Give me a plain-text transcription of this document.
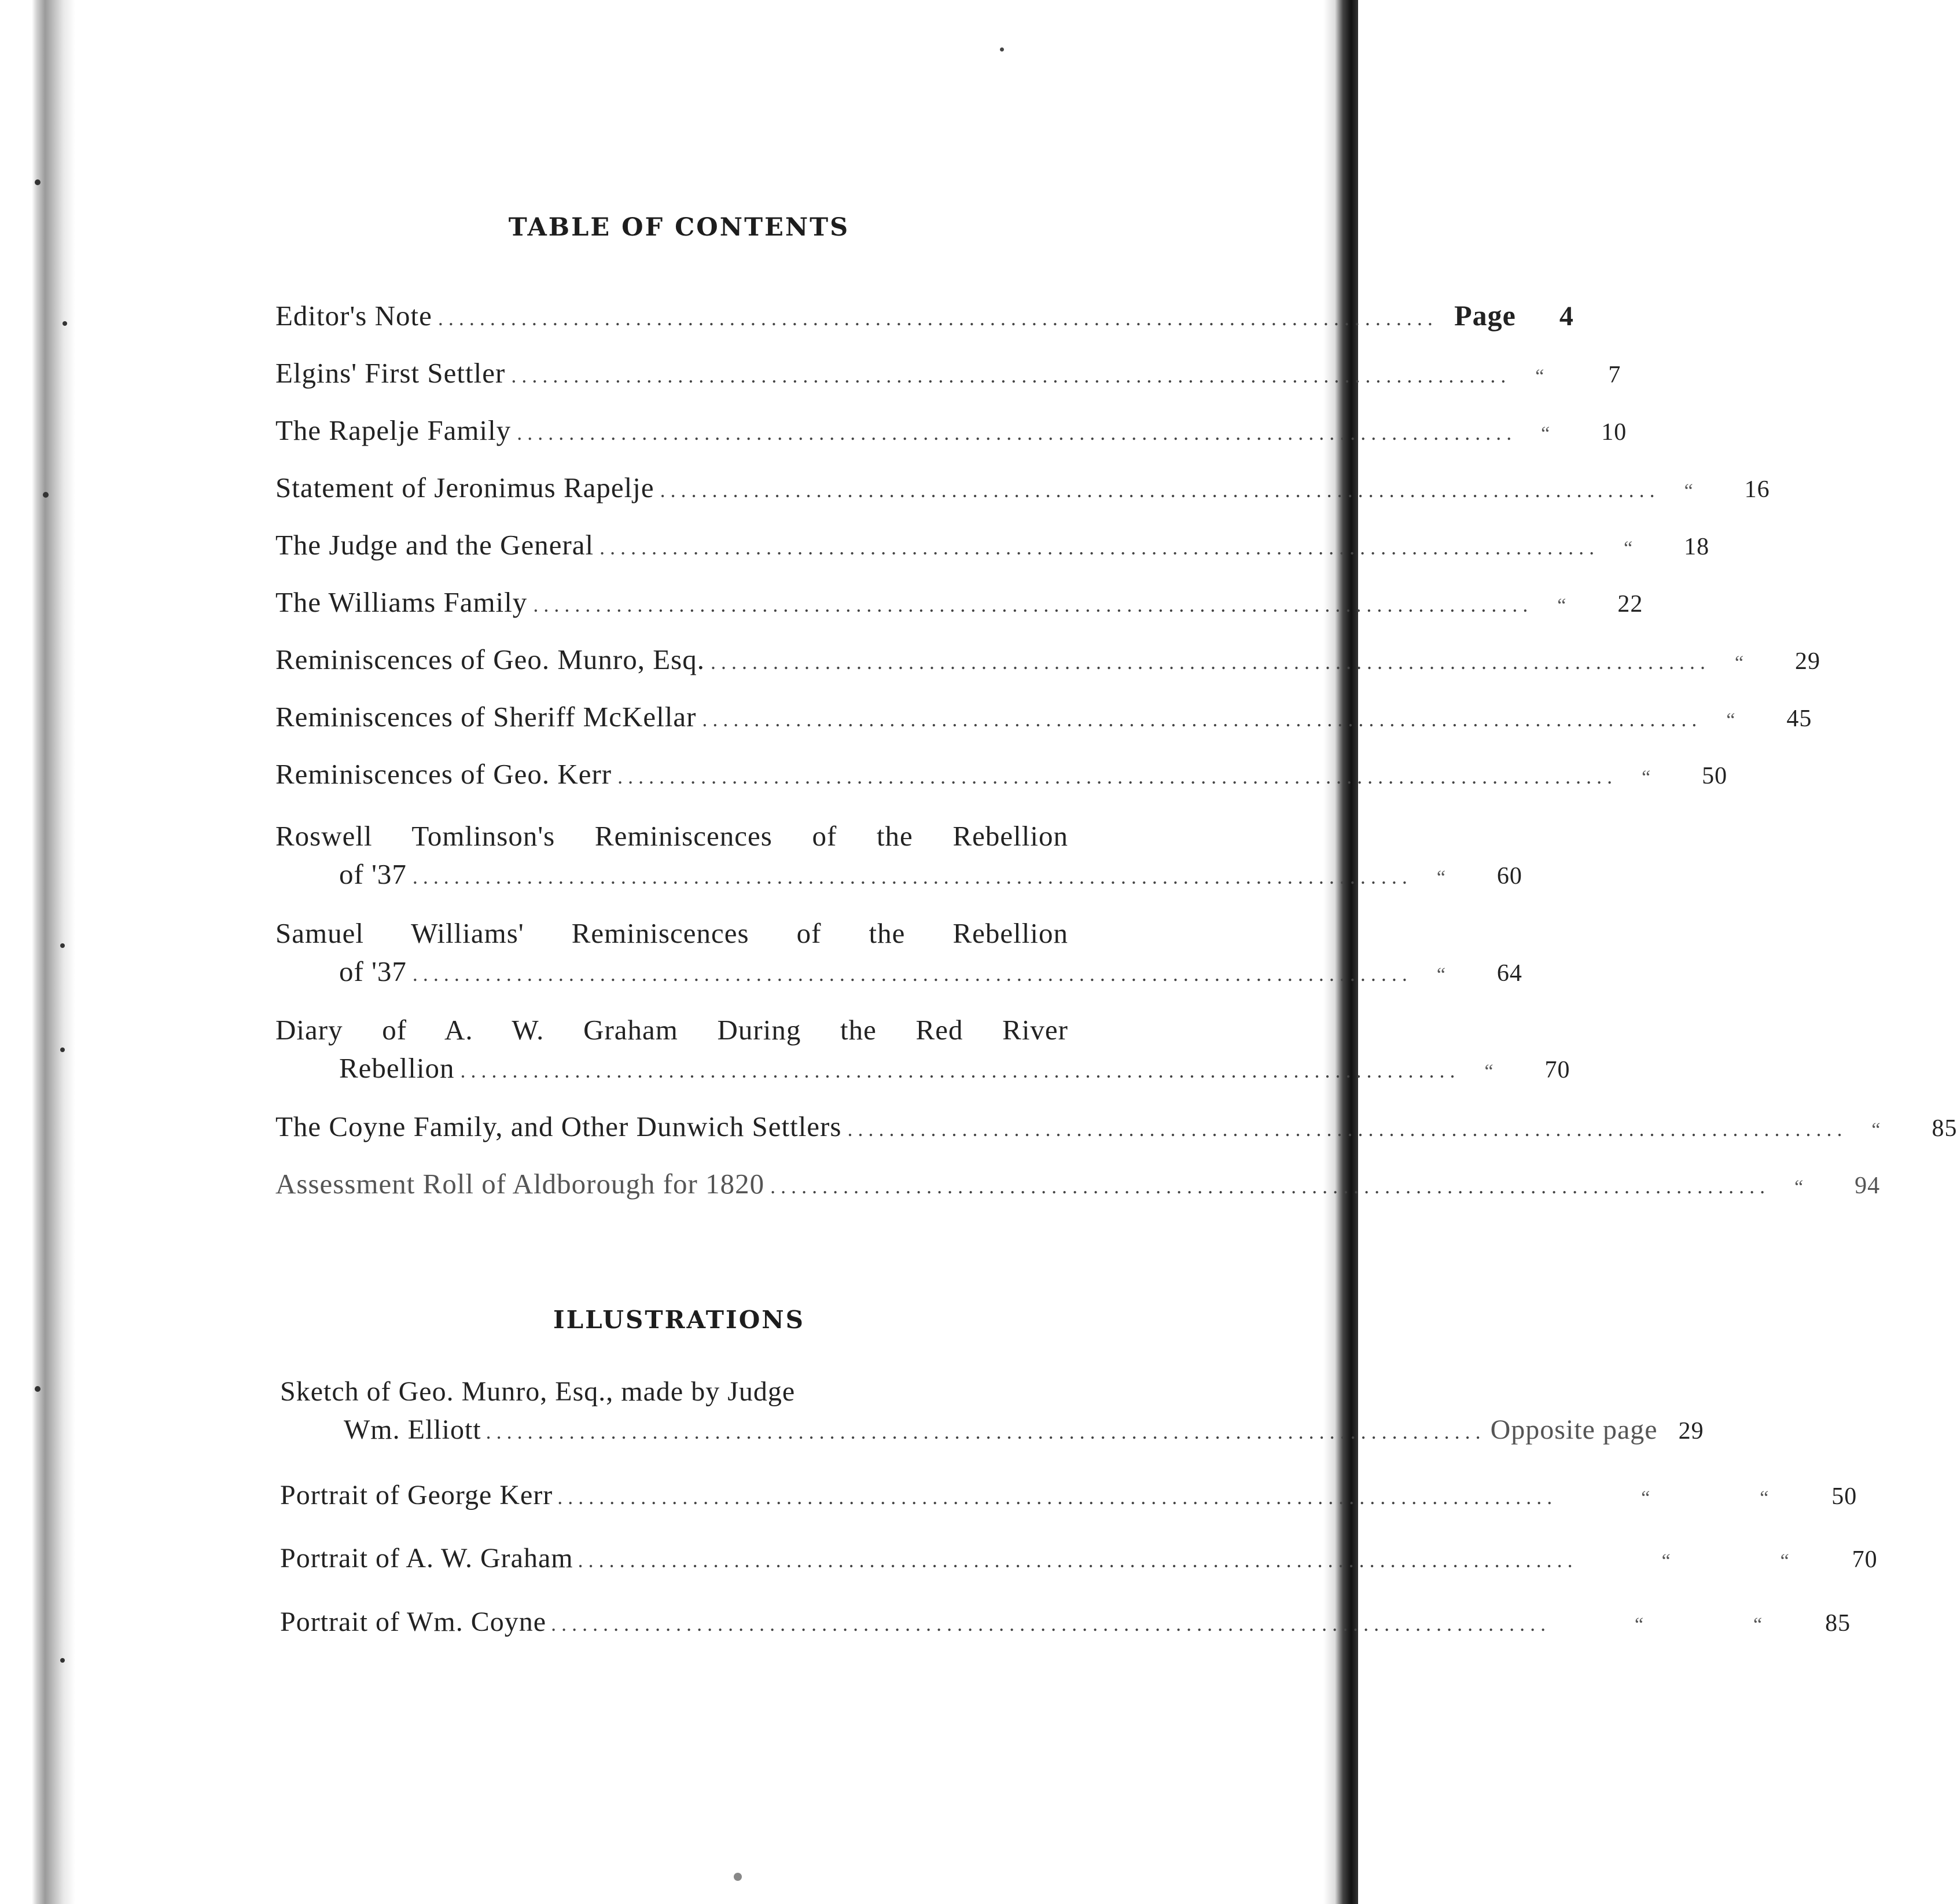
TABLE OF CONTENTS
Editor's Note ................................................................................................ Page	4
Elgins' First Settler ................................................................................................	“	7
The Rapelje Family ................................................................................................	“	10
Statement of Jeronimus Rapelje ................................................................................................	“	16
The Judge and the General ................................................................................................	“	18
The Williams Family ................................................................................................	“	22
Reminiscences of Geo. Munro, Esq. ................................................................................................	“	29
Reminiscences of Sheriff McKellar ................................................................................................	“	45
Reminiscences of Geo. Kerr ................................................................................................	“	50
Roswell Tomlinson's Reminiscences of the Rebellion
of '37 ................................................................................................	“	60
Samuel Williams' Reminiscences of the Rebellion
of '37 ................................................................................................	“	64
Diary of A. W. Graham During the Red River
Rebellion ................................................................................................	“	70
The Coyne Family, and Other Dunwich Settlers ................................................................................................	“	85
Assessment Roll of Aldborough for 1820 ................................................................................................	“	94
ILLUSTRATIONS
Sketch of Geo. Munro, Esq., made by Judge
Wm. Elliott ................................................................................................ Opposite page 29
Portrait of George Kerr ................................................................................................	“	“	50
Portrait of A. W. Graham ................................................................................................	“	“	70
Portrait of Wm. Coyne ................................................................................................	“	“	85
